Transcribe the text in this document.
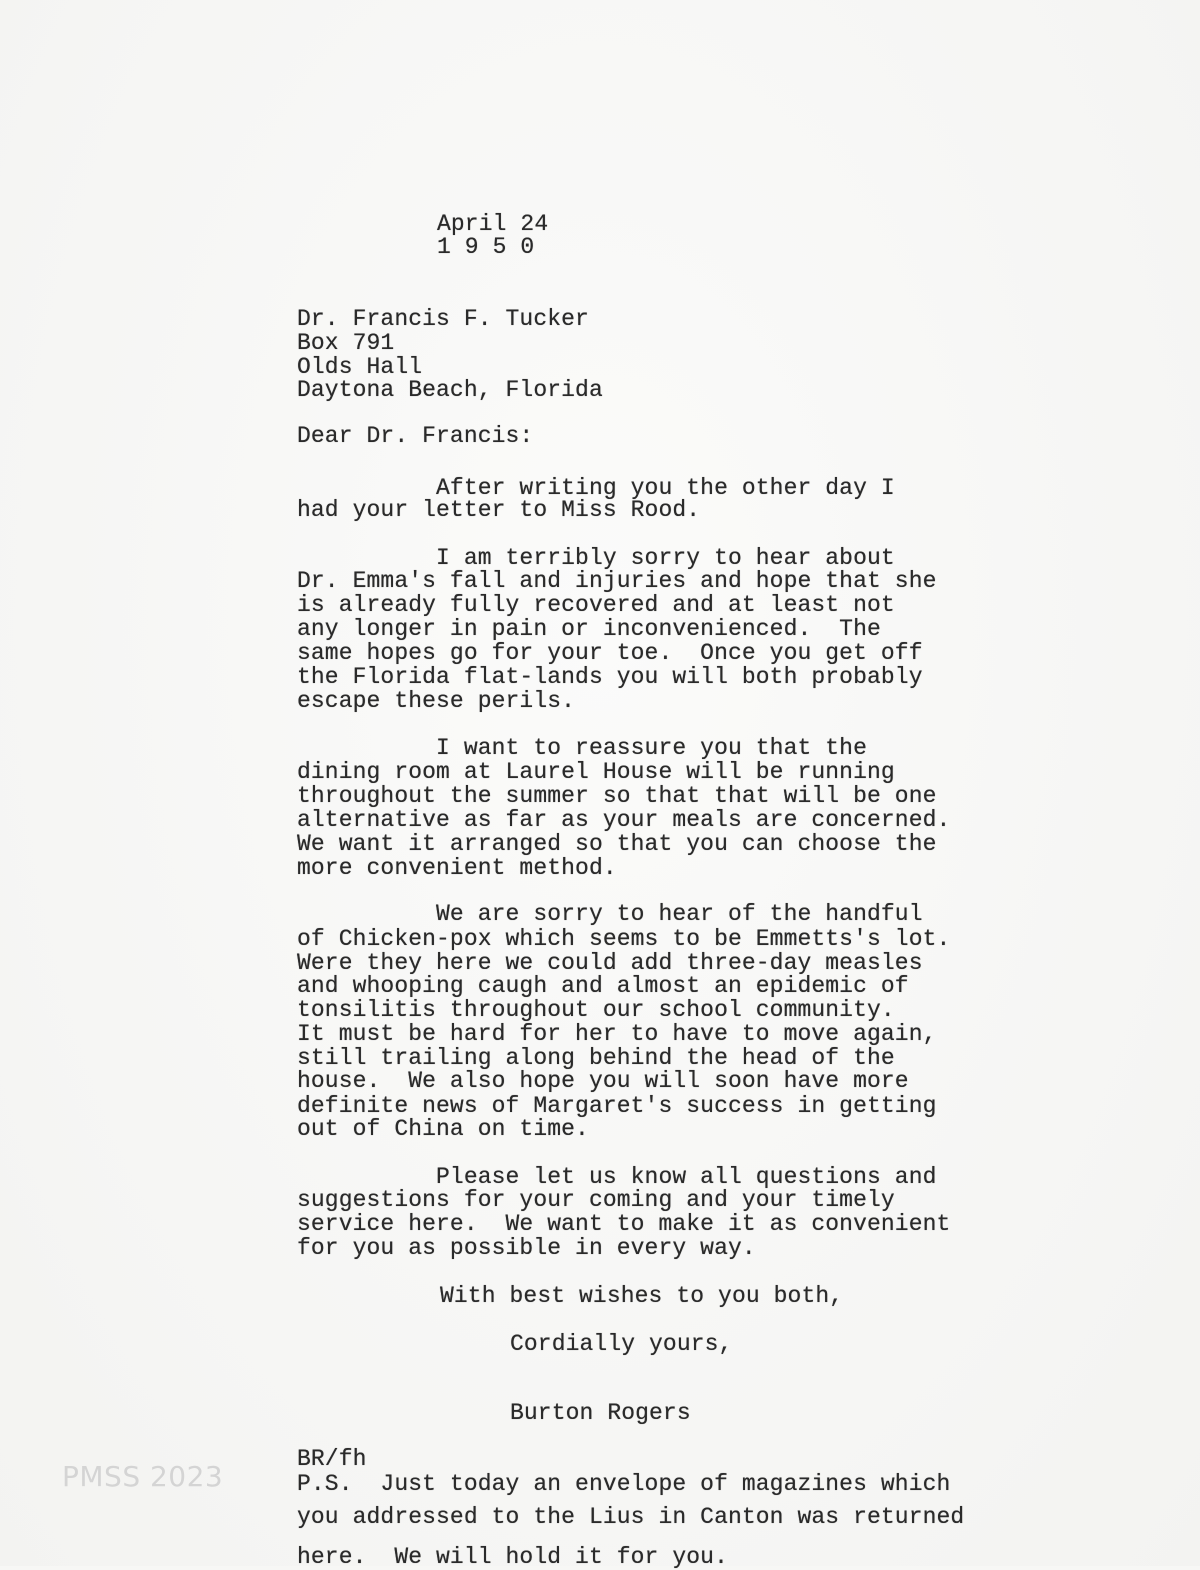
PMSS 2023
April 24
1 9 5 0
Dr. Francis F. Tucker
Box 791
Olds Hall
Daytona Beach, Florida
Dear Dr. Francis:
After writing you the other day I
had your letter to Miss Rood.
I am terribly sorry to hear about
Dr. Emma's fall and injuries and hope that she
is already fully recovered and at least not
any longer in pain or inconvenienced.  The
same hopes go for your toe.  Once you get off
the Florida flat-lands you will both probably
escape these perils.
I want to reassure you that the
dining room at Laurel House will be running
throughout the summer so that that will be one
alternative as far as your meals are concerned.
We want it arranged so that you can choose the
more convenient method.
We are sorry to hear of the handful
of Chicken-pox which seems to be Emmetts's lot.
Were they here we could add three-day measles
and whooping caugh and almost an epidemic of
tonsilitis throughout our school community.
It must be hard for her to have to move again,
still trailing along behind the head of the
house.  We also hope you will soon have more
definite news of Margaret's success in getting
out of China on time.
Please let us know all questions and
suggestions for your coming and your timely
service here.  We want to make it as convenient
for you as possible in every way.
With best wishes to you both,
Cordially yours,
Burton Rogers
BR/fh
P.S.  Just today an envelope of magazines which
you addressed to the Lius in Canton was returned
here.  We will hold it for you.
